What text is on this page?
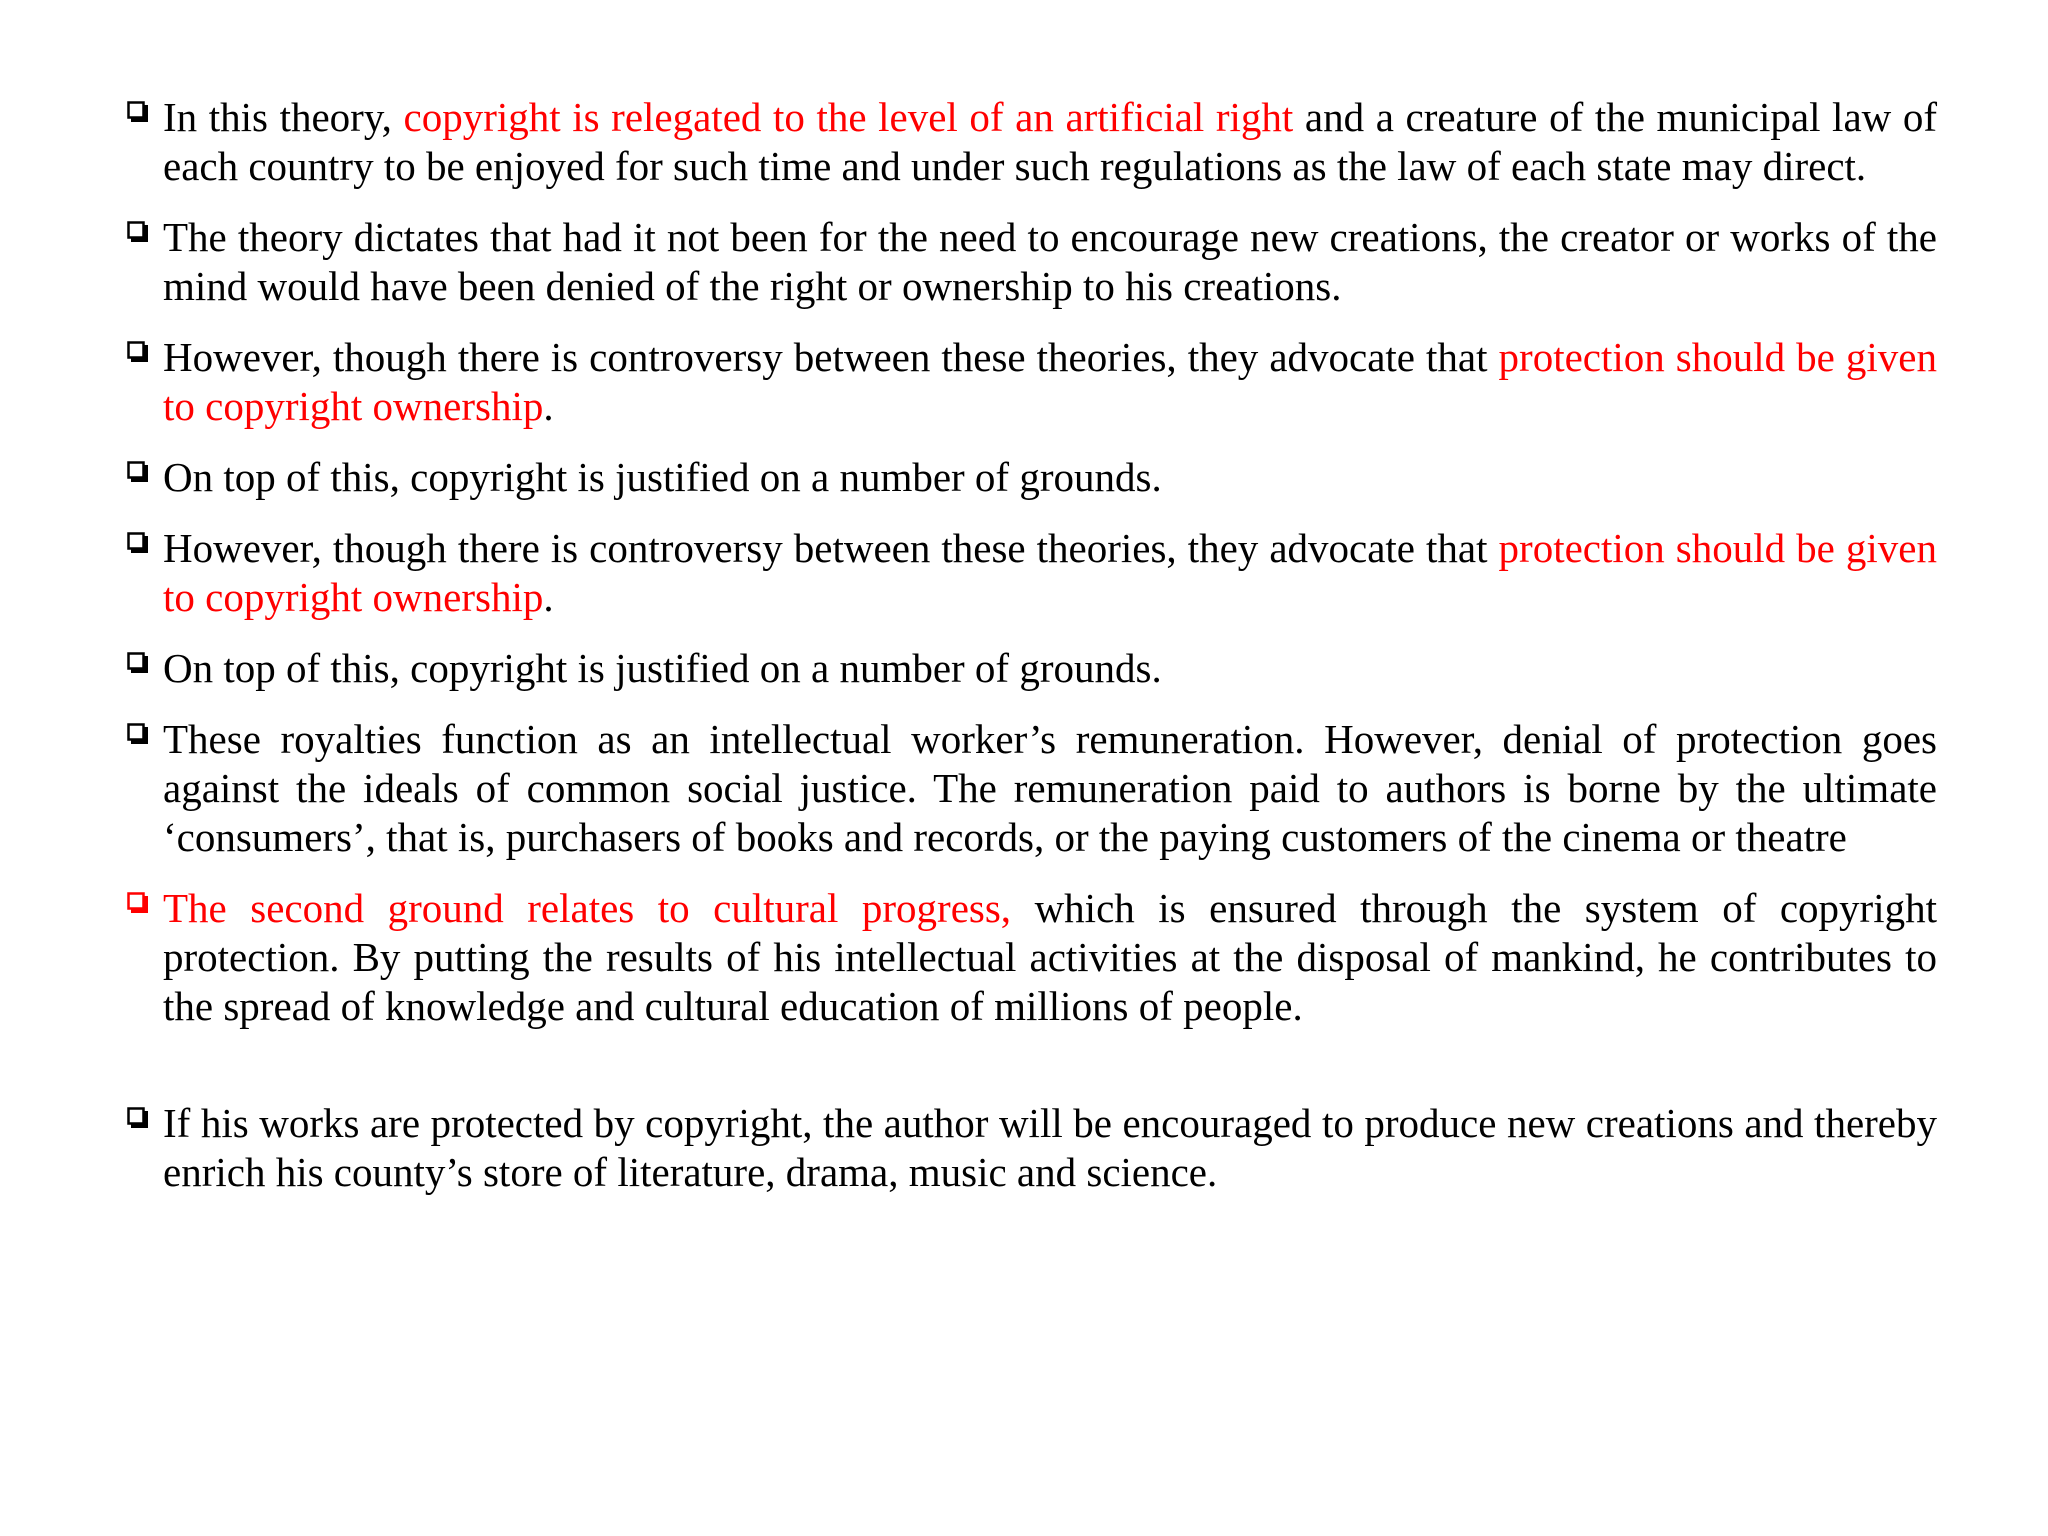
In this theory, copyright is relegated to the level of an artificial right and a creature of the municipal law of each country to be enjoyed for such time and under such regulations as the law of each state may direct.
The theory dictates that had it not been for the need to encourage new creations, the creator or works of the mind would have been denied of the right or ownership to his creations.
However, though there is controversy between these theories, they advocate that protection should be given to copyright ownership.
On top of this, copyright is justified on a number of grounds.
However, though there is controversy between these theories, they advocate that protection should be given to copyright ownership.
On top of this, copyright is justified on a number of grounds.
These royalties function as an intellectual worker’s remuneration. However, denial of protection goes against the ideals of common social justice. The remuneration paid to authors is borne by the ultimate ‘consumers’, that is, purchasers of books and records, or the paying customers of the cinema or theatre
The second ground relates to cultural progress, which is ensured through the system of copyright protection. By putting the results of his intellectual activities at the disposal of mankind, he contributes to the spread of knowledge and cultural education of millions of people.
If his works are protected by copyright, the author will be encouraged to produce new creations and thereby enrich his county’s store of literature, drama, music and science.
